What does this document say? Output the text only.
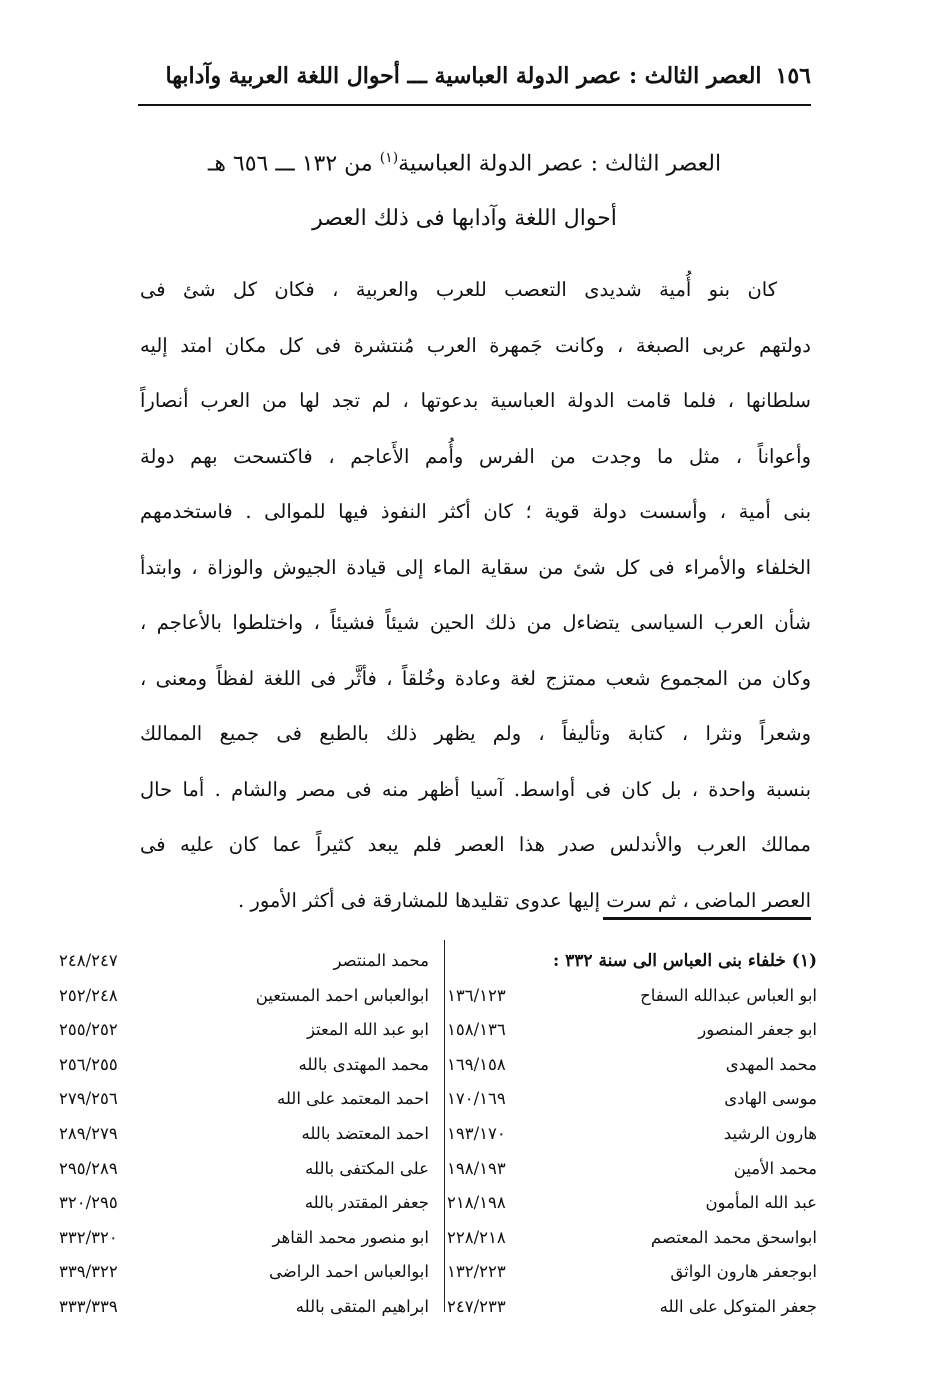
١٥٦
العصر الثالث : عصر الدولة العباسية ـــ أحوال اللغة العربية وآدابها
العصر الثالث : عصر الدولة العباسية$^{(١)}$ من ١٣٢ ـــ ٦٥٦ هـ
أحوال اللغة وآدابها فى ذلك العصر
كان بنو أُمية شديدى التعصب للعرب والعربية ، فكان كل شئ فى
دولتهم عربى الصبغة ، وكانت جَمهرة العرب مُنتشرة فى كل مكان امتد إليه
سلطانها ، فلما قامت الدولة العباسية بدعوتها ، لم تجد لها من العرب أنصاراً
وأعواناً ، مثل ما وجدت من الفرس وأُمم الأَعاجم ، فاكتسحت بهم دولة
بنى أمية ، وأسست دولة قوية ؛ كان أكثر النفوذ فيها للموالى . فاستخدمهم
الخلفاء والأمراء فى كل شئ من سقاية الماء إلى قيادة الجيوش والوزاة ، وابتدأ
شأن العرب السياسى يتضاءل من ذلك الحين شيئاً فشيئاً ، واختلطوا بالأعاجم ،
وكان من المجموع شعب ممتزج لغة وعادة وخُلقاً ، فأثَّر فى اللغة لفظاً ومعنى ،
وشعراً ونثرا ، كتابة وتأليفاً ، ولم يظهر ذلك بالطبع فى جميع الممالك
بنسبة واحدة ، بل كان فى أواسط. آسيا أظهر منه فى مصر والشام . أما حال
ممالك العرب والأندلس صدر هذا العصر فلم يبعد كثيراً عما كان عليه فى
العصر الماضى ، ثم سرت إليها عدوى تقليدها للمشارقة فى أكثر الأمور .
(١) خلفاء بنى العباس الى سنة ٣٣٢ :
ابو العباس عبدالله السفاح
١٣٦/١٢٣
ابو جعفر المنصور
١٥٨/١٣٦
محمد المهدى
١٦٩/١٥٨
موسى الهادى
١٧٠/١٦٩
هارون الرشيد
١٩٣/١٧٠
محمد الأمين
١٩٨/١٩٣
عبد الله المأمون
٢١٨/١٩٨
ابواسحق محمد المعتصم
٢٢٨/٢١٨
ابوجعفر هارون الواثق
١٣٢/٢٢٣
جعفر المتوكل على الله
٢٤٧/٢٣٣
محمد المنتصر
٢٤٨/٢٤٧
ابوالعباس احمد المستعين
٢٥٢/٢٤٨
ابو عبد الله المعتز
٢٥٥/٢٥٢
محمد المهتدى بالله
٢٥٦/٢٥٥
احمد المعتمد على الله
٢٧٩/٢٥٦
احمد المعتضد بالله
٢٨٩/٢٧٩
على المكتفى بالله
٢٩٥/٢٨٩
جعفر المقتدر بالله
٣٢٠/٢٩٥
ابو منصور محمد القاهر
٣٣٢/٣٢٠
ابوالعباس احمد الراضى
٣٣٩/٣٢٢
ابراهيم المتقى بالله
٣٣٣/٣٣٩
